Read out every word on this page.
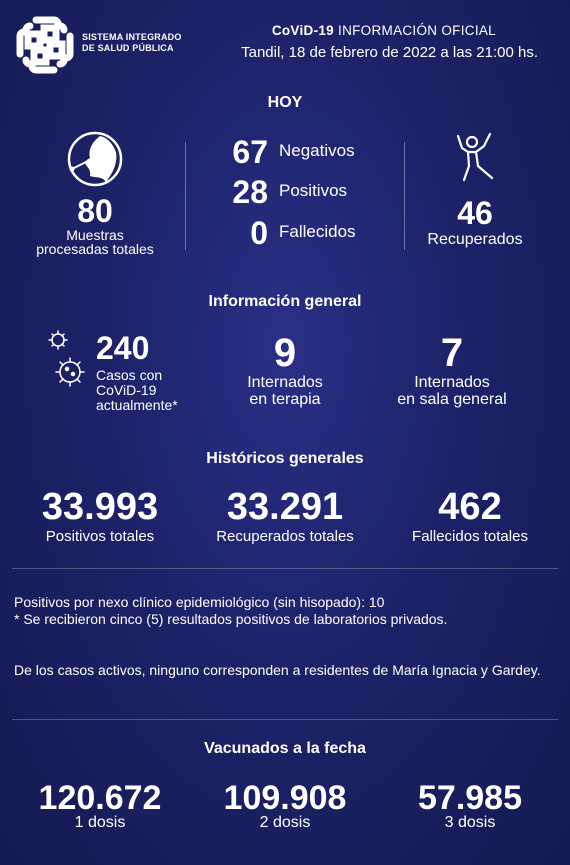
SISTEMA INTEGRADO DE SALUD PÚBLICA
CoViD-19 INFORMACIÓN OFICIAL
Tandil, 18 de febrero de 2022 a las 21:00 hs.
HOY
80
Muestras
procesadas totales
67 Negativos
28 Positivos
0 Fallecidos
46
Recuperados
Información general
240
Casos con
CoViD-19
actualmente*
9
Internados
en terapia
7
Internados
en sala general
Históricos generales
33.993
Positivos totales
33.291
Recuperados totales
462
Fallecidos totales
Positivos por nexo clínico epidemiológico (sin hisopado): 10
* Se recibieron cinco (5) resultados positivos de laboratorios privados.
De los casos activos, ninguno corresponden a residentes de María Ignacia y Gardey.
Vacunados a la fecha
120.672
1 dosis
109.908
2 dosis
57.985
3 dosis
